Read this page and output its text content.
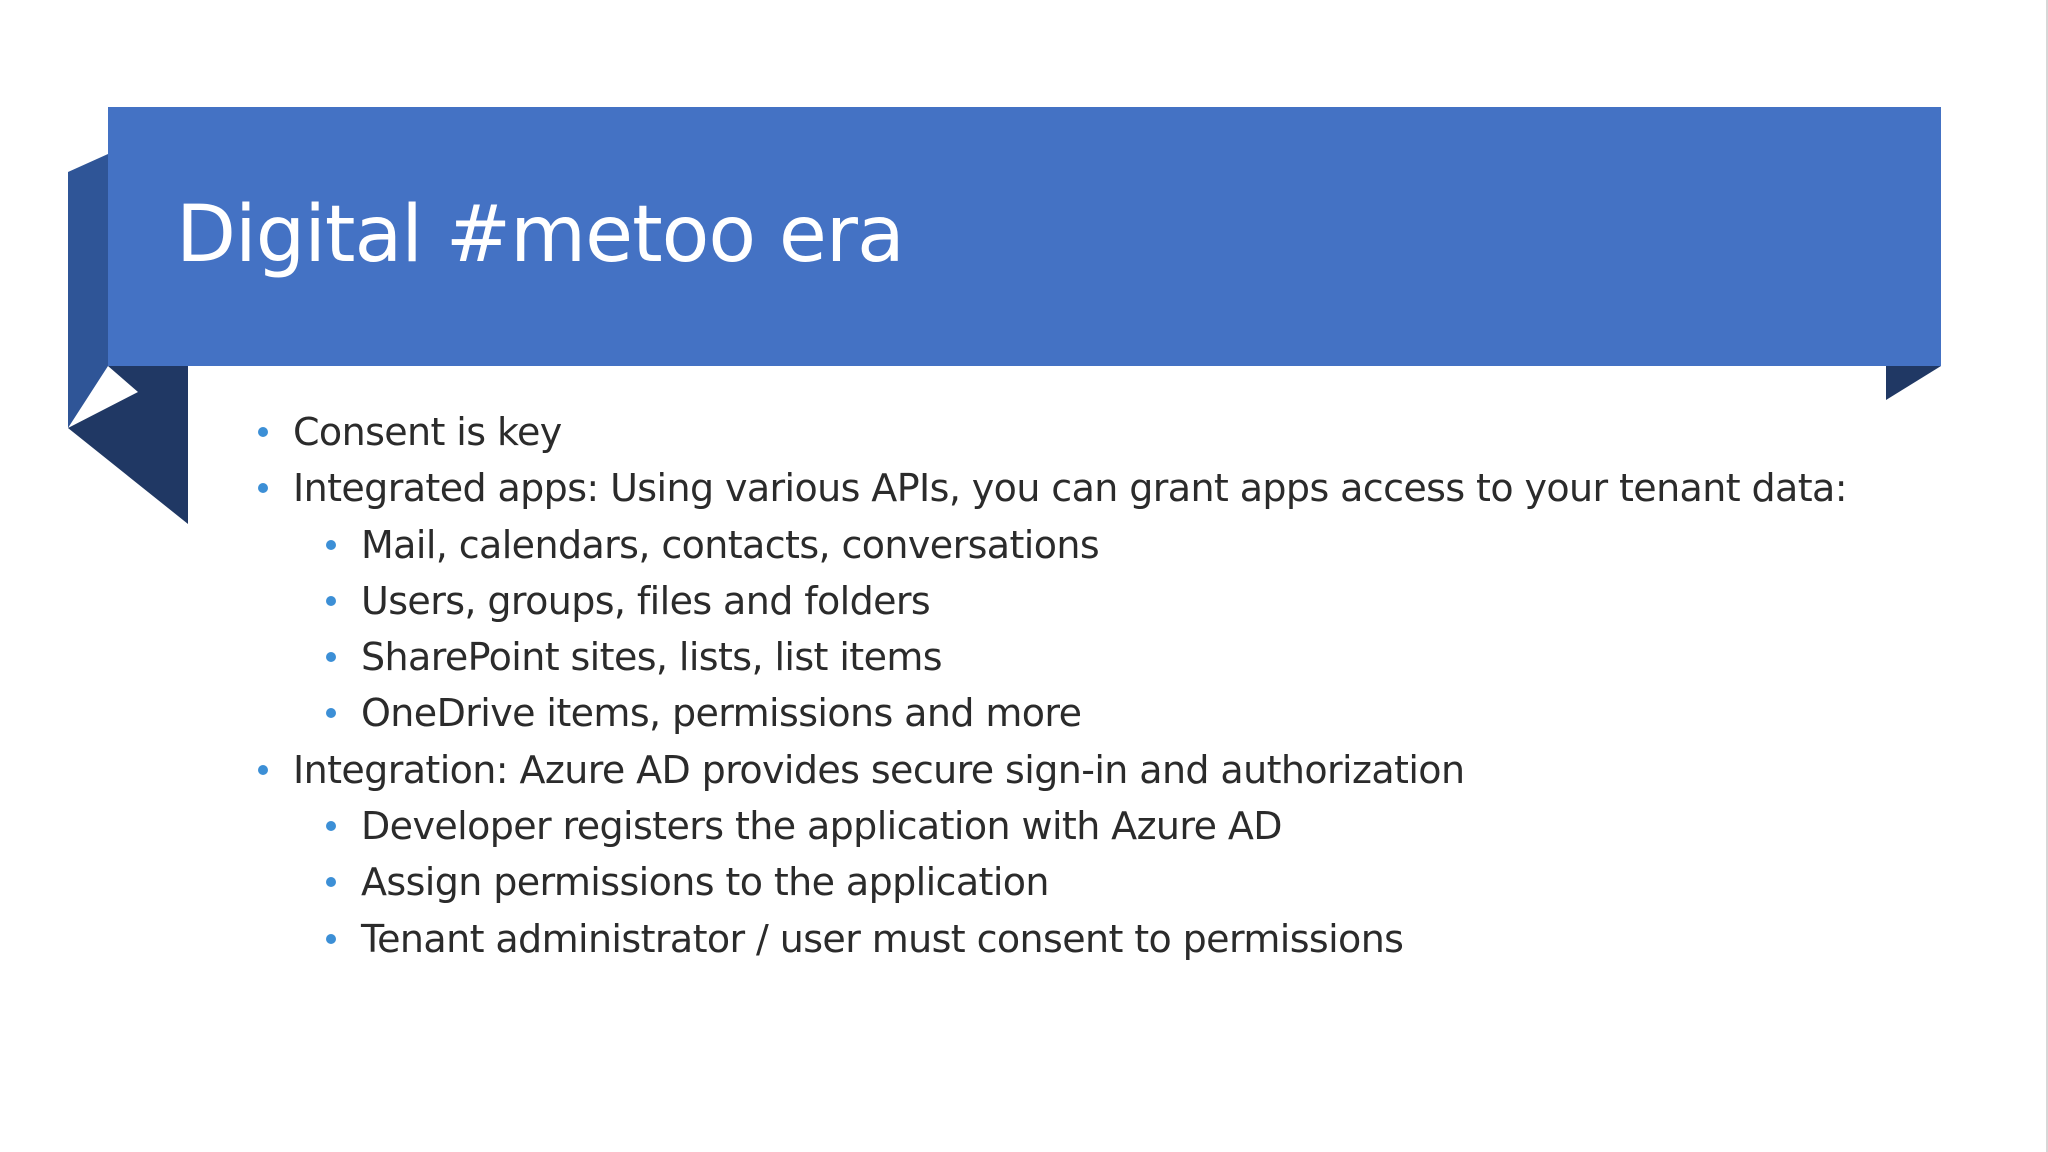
Digital #metoo era
Consent is key
Integrated apps: Using various APIs, you can grant apps access to your tenant data:
Mail, calendars, contacts, conversations
Users, groups, files and folders
SharePoint sites, lists, list items
OneDrive items, permissions and more
Integration: Azure AD provides secure sign-in and authorization
Developer registers the application with Azure AD
Assign permissions to the application
Tenant administrator / user must consent to permissions
